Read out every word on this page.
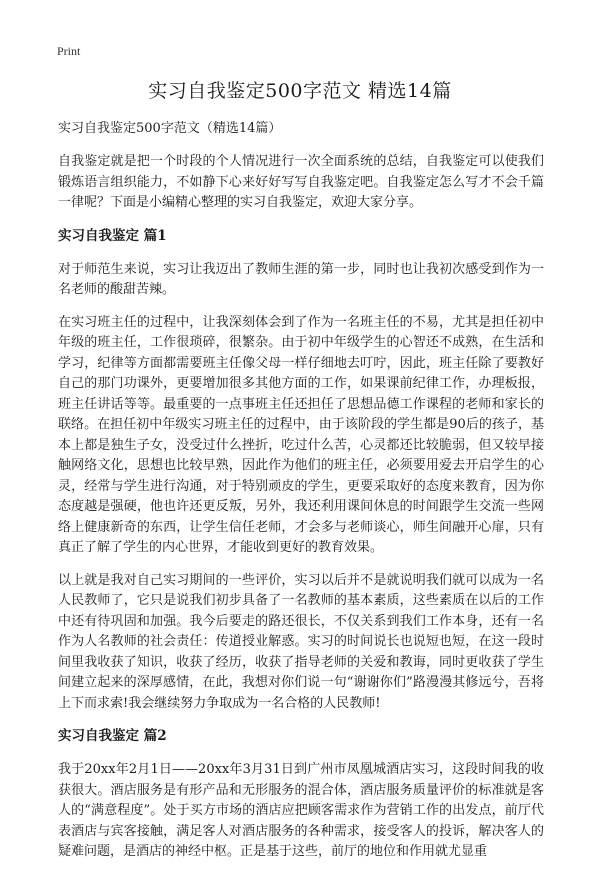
Print
实习自我鉴定500字范文 精选14篇
实习自我鉴定500字范文（精选14篇）

自我鉴定就是把一个时段的个人情况进行一次全面系统的总结，自我鉴定可以使我们锻炼语言组织能力，不如静下心来好好写写自我鉴定吧。自我鉴定怎么写才不会千篇一律呢？下面是小编精心整理的实习自我鉴定，欢迎大家分享。

实习自我鉴定 篇1

对于师范生来说，实习让我迈出了教师生涯的第一步，同时也让我初次感受到作为一名老师的酸甜苦辣。

在实习班主任的过程中，让我深刻体会到了作为一名班主任的不易，尤其是担任初中年级的班主任，工作很琐碎，很繁杂。由于初中年级学生的心智还不成熟，在生活和学习，纪律等方面都需要班主任像父母一样仔细地去叮咛，因此，班主任除了要教好自己的那门功课外，更要增加很多其他方面的工作，如果课前纪律工作，办理板报，班主任讲话等等。最重要的一点事班主任还担任了思想品德工作课程的老师和家长的联络。在担任初中年级实习班主任的过程中，由于该阶段的学生都是90后的孩子，基本上都是独生子女，没受过什么挫折，吃过什么苦，心灵都还比较脆弱，但又较早接触网络文化，思想也比较早熟，因此作为他们的班主任，必须要用爱去开启学生的心灵，经常与学生进行沟通，对于特别顽皮的学生，更要采取好的态度来教育，因为你态度越是强硬，他也许还更反叛，另外，我还利用课间休息的时间跟学生交流一些网络上健康新奇的东西，让学生信任老师，才会多与老师谈心，师生间融开心扉，只有真正了解了学生的内心世界，才能收到更好的教育效果。

以上就是我对自己实习期间的一些评价，实习以后并不是就说明我们就可以成为一名人民教师了，它只是说我们初步具备了一名教师的基本素质，这些素质在以后的工作中还有待巩固和加强。我今后要走的路还很长，不仅关系到我们工作本身，还有一名作为人名教师的社会责任：传道授业解惑。实习的时间说长也说短也短，在这一段时间里我收获了知识，收获了经历，收获了指导老师的关爱和教诲，同时更收获了学生间建立起来的深厚感情，在此，我想对你们说一句“谢谢你们”路漫漫其修远兮，吾将上下而求索!我会继续努力争取成为一名合格的人民教师!

实习自我鉴定 篇2

我于20xx年2月1日——20xx年3月31日到广州市凤凰城酒店实习，这段时间我的收获很大。酒店服务是有形产品和无形服务的混合体，酒店服务质量评价的标准就是客人的“满意程度”。处于买方市场的酒店应把顾客需求作为营销工作的出发点，前厅代表酒店与宾客接触，满足客人对酒店服务的各种需求，接受客人的投诉，解决客人的疑难问题，是酒店的神经中枢。正是基于这些，前厅的地位和作用就尤显重
